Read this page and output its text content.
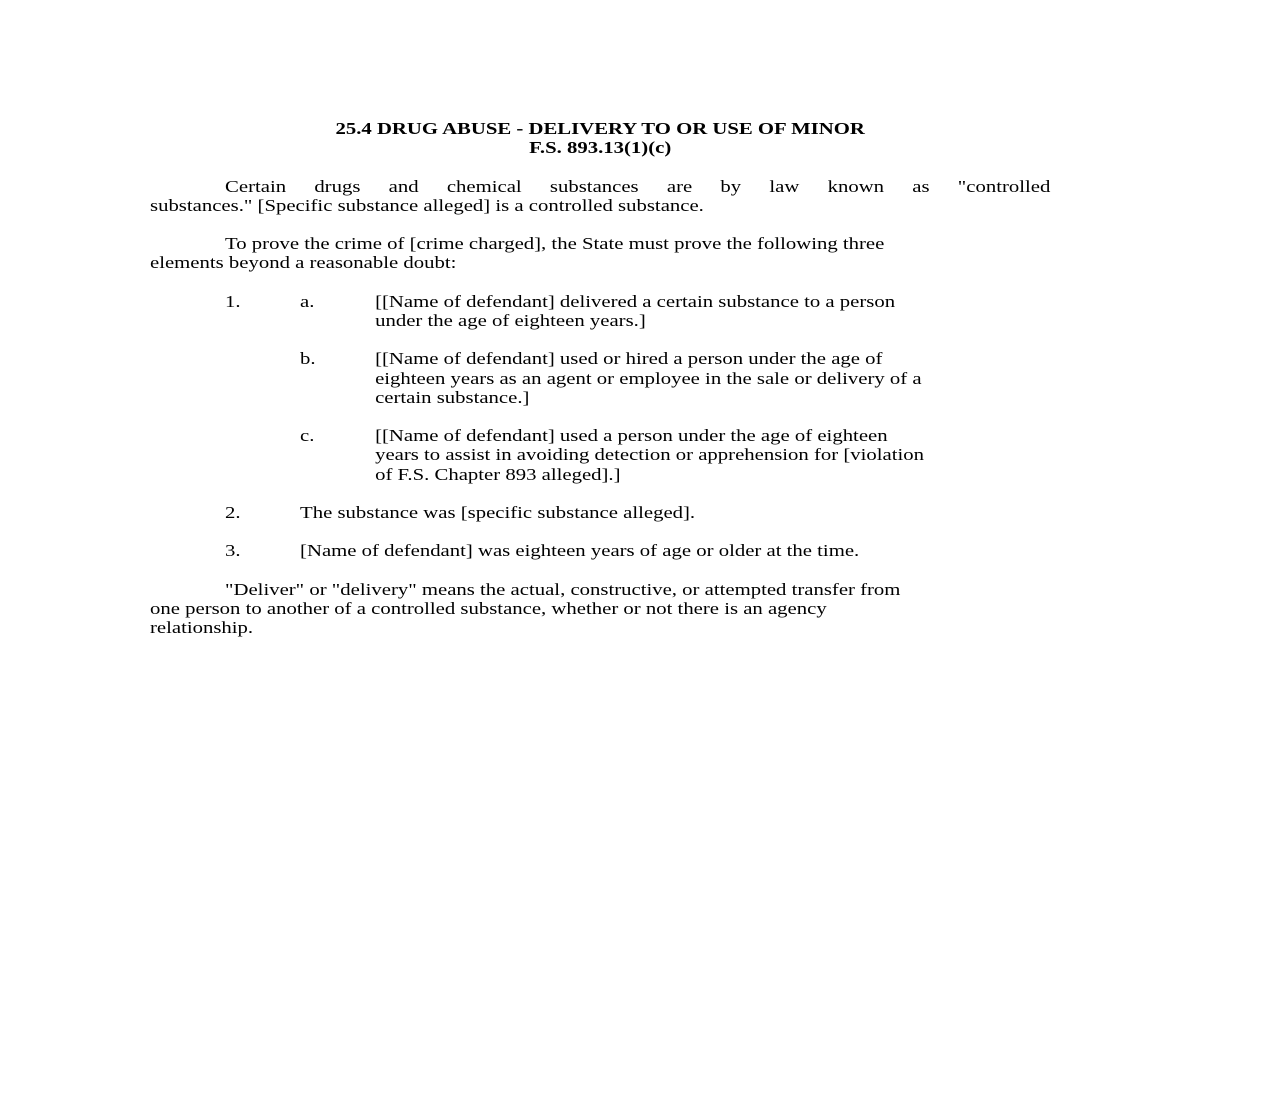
25.4 DRUG ABUSE - DELIVERY TO OR USE OF MINOR
F.S. 893.13(1)(c)
Certain drugs and chemical substances are by law known as "controlled
substances." [Specific substance alleged] is a controlled substance.
To prove the crime of [crime charged], the State must prove the following three
elements beyond a reasonable doubt:
1.	a.	[[Name of defendant] delivered a certain substance to a person
under the age of eighteen years.]
b.	[[Name of defendant] used or hired a person under the age of
eighteen years as an agent or employee in the sale or delivery of a
certain substance.]
c.	[[Name of defendant] used a person under the age of eighteen
years to assist in avoiding detection or apprehension for [violation
of F.S. Chapter 893 alleged].]
2.	The substance was [specific substance alleged].
3.	[Name of defendant] was eighteen years of age or older at the time.
"Deliver" or "delivery" means the actual, constructive, or attempted transfer from
one person to another of a controlled substance, whether or not there is an agency
relationship.
